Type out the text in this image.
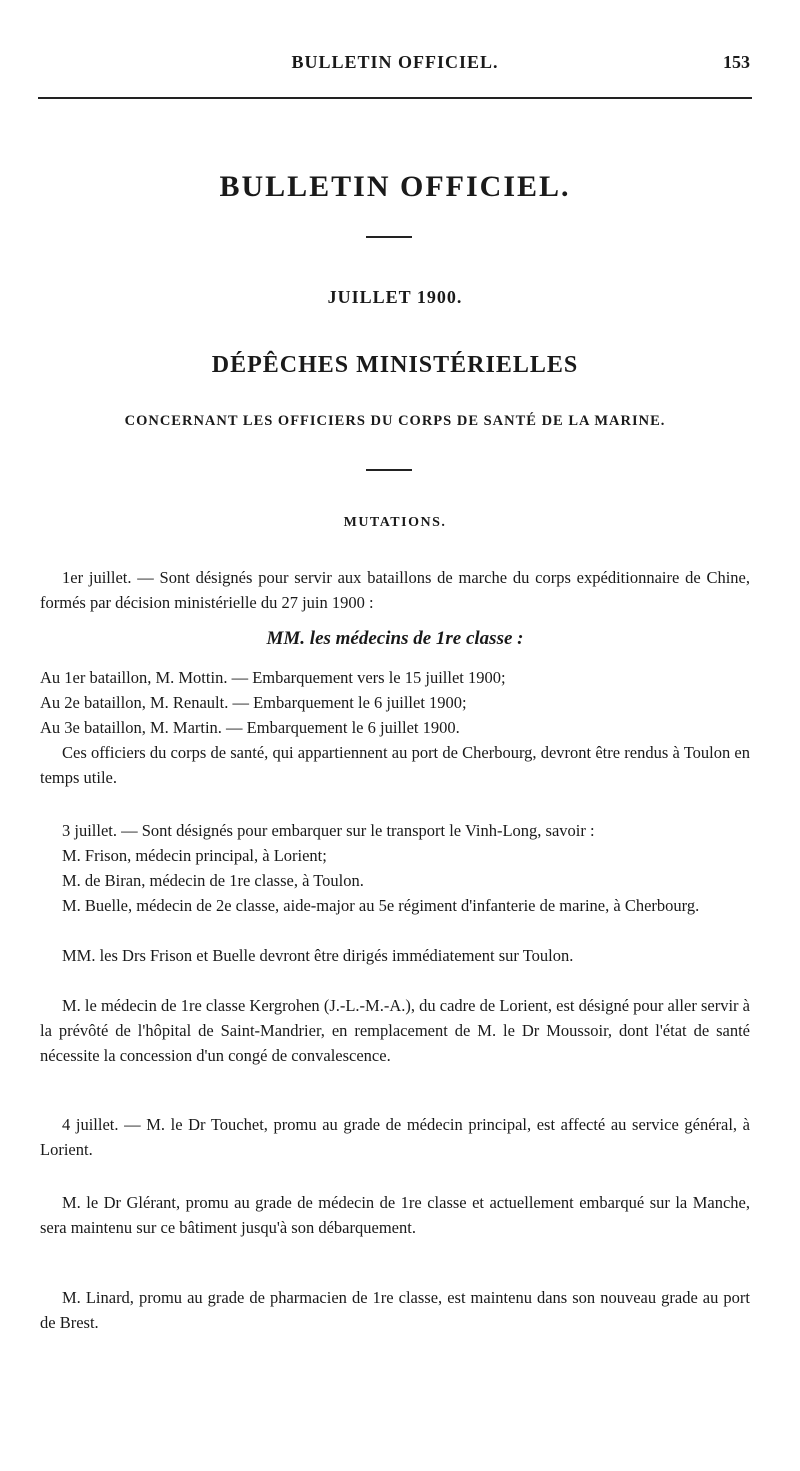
BULLETIN OFFICIEL.	153
BULLETIN OFFICIEL.
JUILLET 1900.
DÉPÊCHES MINISTÉRIELLES
CONCERNANT LES OFFICIERS DU CORPS DE SANTÉ DE LA MARINE.
MUTATIONS.
1er juillet. — Sont désignés pour servir aux bataillons de marche du corps expéditionnaire de Chine, formés par décision ministérielle du 27 juin 1900 :
MM. les médecins de 1re classe :
Au 1er bataillon, M. Mottin. — Embarquement vers le 15 juillet 1900;
Au 2e bataillon, M. Renault. — Embarquement le 6 juillet 1900;
Au 3e bataillon, M. Martin. — Embarquement le 6 juillet 1900.
Ces officiers du corps de santé, qui appartiennent au port de Cherbourg, devront être rendus à Toulon en temps utile.
3 juillet. — Sont désignés pour embarquer sur le transport le Vinh-Long, savoir :
M. Frison, médecin principal, à Lorient;
M. de Biran, médecin de 1re classe, à Toulon.
M. Buelle, médecin de 2e classe, aide-major au 5e régiment d'infanterie de marine, à Cherbourg.
MM. les Drs Frison et Buelle devront être dirigés immédiatement sur Toulon.
M. le médecin de 1re classe Kergrohen (J.-L.-M.-A.), du cadre de Lorient, est désigné pour aller servir à la prévôté de l'hôpital de Saint-Mandrier, en remplacement de M. le Dr Moussoir, dont l'état de santé nécessite la concession d'un congé de convalescence.
4 juillet. — M. le Dr Touchet, promu au grade de médecin principal, est affecté au service général, à Lorient.
M. le Dr Glérant, promu au grade de médecin de 1re classe et actuellement embarqué sur la Manche, sera maintenu sur ce bâtiment jusqu'à son débarquement.
M. Linard, promu au grade de pharmacien de 1re classe, est maintenu dans son nouveau grade au port de Brest.
